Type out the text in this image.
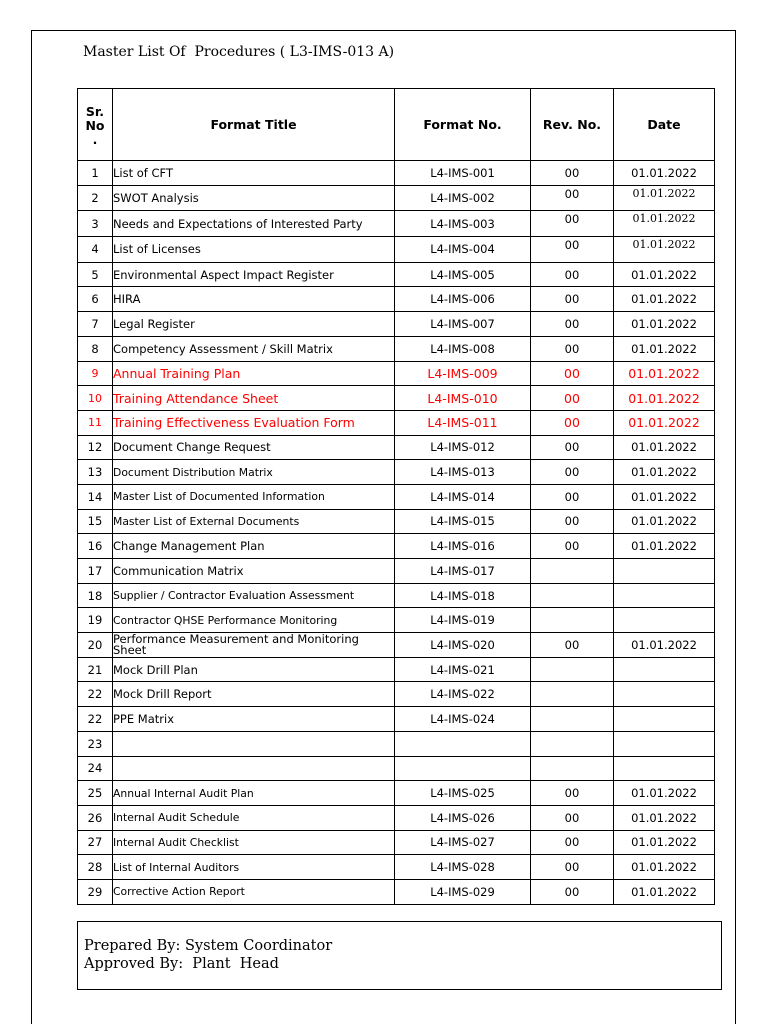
Master List Of  Procedures ( L3-IMS-013 A)
Sr.
No
.	Format Title	Format No.	Rev. No.	Date
1	List of CFT	L4-IMS-001	00	01.01.2022
2	SWOT Analysis	L4-IMS-002	00	01.01.2022
3	Needs and Expectations of Interested Party	L4-IMS-003	00	01.01.2022
4	List of Licenses	L4-IMS-004	00	01.01.2022
5	Environmental Aspect Impact Register	L4-IMS-005	00	01.01.2022
6	HIRA	L4-IMS-006	00	01.01.2022
7	Legal Register	L4-IMS-007	00	01.01.2022
8	Competency Assessment / Skill Matrix	L4-IMS-008	00	01.01.2022
9	Annual Training Plan	L4-IMS-009	00	01.01.2022
10	Training Attendance Sheet	L4-IMS-010	00	01.01.2022
11	Training Effectiveness Evaluation Form	L4-IMS-011	00	01.01.2022
12	Document Change Request	L4-IMS-012	00	01.01.2022
13	Document Distribution Matrix	L4-IMS-013	00	01.01.2022
14	Master List of Documented Information	L4-IMS-014	00	01.01.2022
15	Master List of External Documents	L4-IMS-015	00	01.01.2022
16	Change Management Plan	L4-IMS-016	00	01.01.2022
17	Communication Matrix	L4-IMS-017		
18	Supplier / Contractor Evaluation Assessment	L4-IMS-018		
19	Contractor QHSE Performance Monitoring	L4-IMS-019		
20	Performance Measurement and Monitoring Sheet	L4-IMS-020	00	01.01.2022
21	Mock Drill Plan	L4-IMS-021		
22	Mock Drill Report	L4-IMS-022		
22	PPE Matrix	L4-IMS-024		
23				
24				
25	Annual Internal Audit Plan	L4-IMS-025	00	01.01.2022
26	Internal Audit Schedule	L4-IMS-026	00	01.01.2022
27	Internal Audit Checklist	L4-IMS-027	00	01.01.2022
28	List of Internal Auditors	L4-IMS-028	00	01.01.2022
29	Corrective Action Report	L4-IMS-029	00	01.01.2022
Prepared By: System Coordinator
Approved By:  Plant  Head
